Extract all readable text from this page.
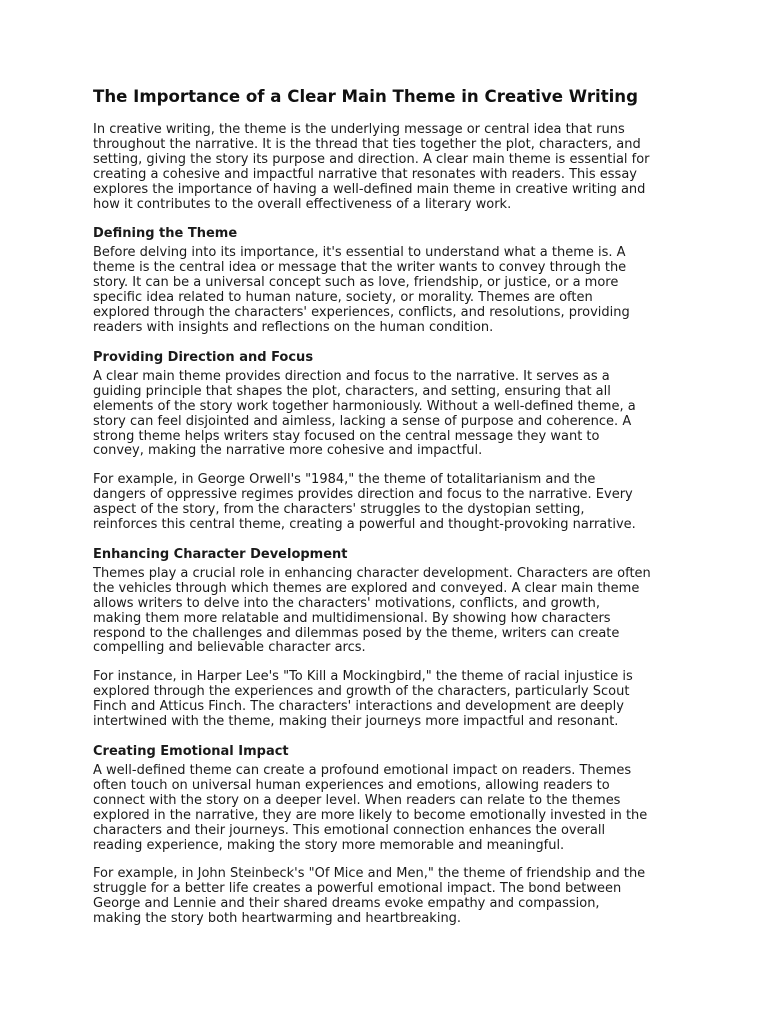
The Importance of a Clear Main Theme in Creative Writing
In creative writing, the theme is the underlying message or central idea that runs
throughout the narrative. It is the thread that ties together the plot, characters, and
setting, giving the story its purpose and direction. A clear main theme is essential for
creating a cohesive and impactful narrative that resonates with readers. This essay
explores the importance of having a well-defined main theme in creative writing and
how it contributes to the overall effectiveness of a literary work.
Defining the Theme
Before delving into its importance, it's essential to understand what a theme is. A
theme is the central idea or message that the writer wants to convey through the
story. It can be a universal concept such as love, friendship, or justice, or a more
specific idea related to human nature, society, or morality. Themes are often
explored through the characters' experiences, conflicts, and resolutions, providing
readers with insights and reflections on the human condition.
Providing Direction and Focus
A clear main theme provides direction and focus to the narrative. It serves as a
guiding principle that shapes the plot, characters, and setting, ensuring that all
elements of the story work together harmoniously. Without a well-defined theme, a
story can feel disjointed and aimless, lacking a sense of purpose and coherence. A
strong theme helps writers stay focused on the central message they want to
convey, making the narrative more cohesive and impactful.
For example, in George Orwell's "1984," the theme of totalitarianism and the
dangers of oppressive regimes provides direction and focus to the narrative. Every
aspect of the story, from the characters' struggles to the dystopian setting,
reinforces this central theme, creating a powerful and thought-provoking narrative.
Enhancing Character Development
Themes play a crucial role in enhancing character development. Characters are often
the vehicles through which themes are explored and conveyed. A clear main theme
allows writers to delve into the characters' motivations, conflicts, and growth,
making them more relatable and multidimensional. By showing how characters
respond to the challenges and dilemmas posed by the theme, writers can create
compelling and believable character arcs.
For instance, in Harper Lee's "To Kill a Mockingbird," the theme of racial injustice is
explored through the experiences and growth of the characters, particularly Scout
Finch and Atticus Finch. The characters' interactions and development are deeply
intertwined with the theme, making their journeys more impactful and resonant.
Creating Emotional Impact
A well-defined theme can create a profound emotional impact on readers. Themes
often touch on universal human experiences and emotions, allowing readers to
connect with the story on a deeper level. When readers can relate to the themes
explored in the narrative, they are more likely to become emotionally invested in the
characters and their journeys. This emotional connection enhances the overall
reading experience, making the story more memorable and meaningful.
For example, in John Steinbeck's "Of Mice and Men," the theme of friendship and the
struggle for a better life creates a powerful emotional impact. The bond between
George and Lennie and their shared dreams evoke empathy and compassion,
making the story both heartwarming and heartbreaking.
